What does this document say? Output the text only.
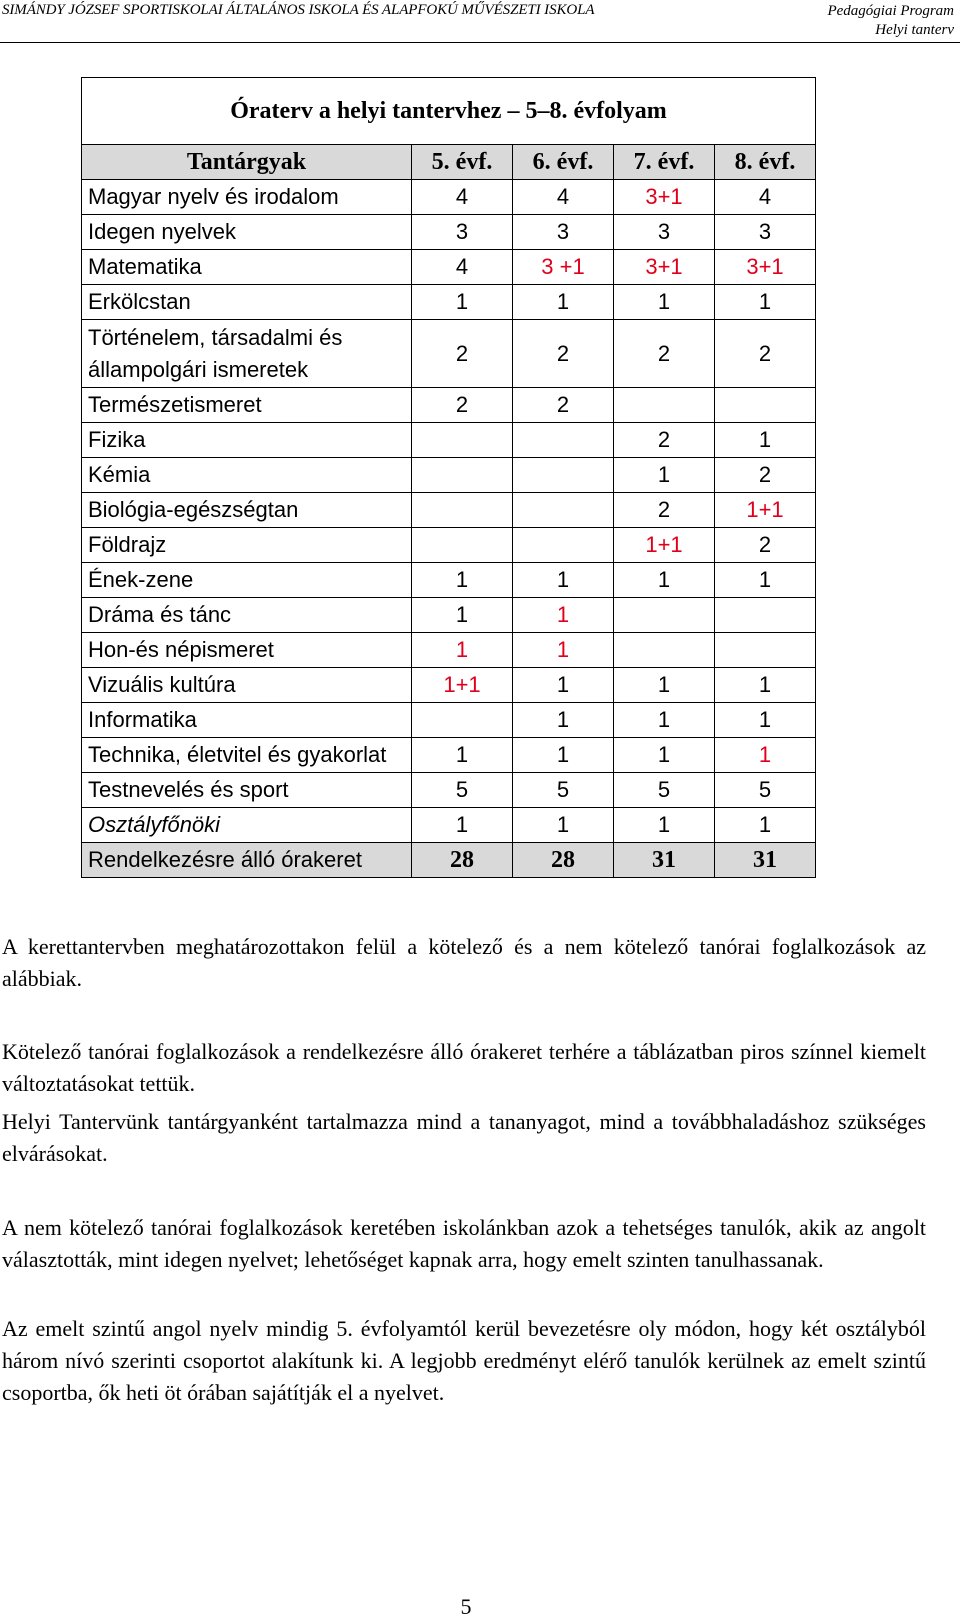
SIMÁNDY JÓZSEF SPORTISKOLAI ÁLTALÁNOS ISKOLA ÉS ALAPFOKÚ MŰVÉSZETI ISKOLA	Pedagógiai Program
Helyi tanterv
Óraterv a helyi tantervhez – 5–8. évfolyam				
Tantárgyak	5. évf.	6. évf.	7. évf.	8. évf.
Magyar nyelv és irodalom	4	4	3+1	4
Idegen nyelvek	3	3	3	3
Matematika	4	3 +1	3+1	3+1
Erkölcstan	1	1	1	1
Történelem, társadalmi és állampolgári ismeretek	2	2	2	2
Természetismeret	2	2		
Fizika			2	1
Kémia			1	2
Biológia-egészségtan			2	1+1
Földrajz			1+1	2
Ének-zene	1	1	1	1
Dráma és tánc	1	1		
Hon-és népismeret	1	1		
Vizuális kultúra	1+1	1	1	1
Informatika		1	1	1
Technika, életvitel és gyakorlat	1	1	1	1
Testnevelés és sport	5	5	5	5
Osztályfőnöki	1	1	1	1
Rendelkezésre álló órakeret	28	28	31	31

A kerettantervben meghatározottakon felül a kötelező és a nem kötelező tanórai foglalkozások az alábbiak.

Kötelező tanórai foglalkozások a rendelkezésre álló órakeret terhére a táblázatban piros színnel kiemelt változtatásokat tettük.

Helyi Tantervünk tantárgyanként tartalmazza mind a tananyagot, mind a továbbhaladáshoz szükséges elvárásokat.

A nem kötelező tanórai foglalkozások keretében iskolánkban azok a tehetséges tanulók, akik az angolt választották, mint idegen nyelvet; lehetőséget kapnak arra, hogy emelt szinten tanulhassanak.

Az emelt szintű angol nyelv mindig 5. évfolyamtól kerül bevezetésre oly módon, hogy két osztályból három nívó szerinti csoportot alakítunk ki. A legjobb eredményt elérő tanulók kerülnek az emelt szintű csoportba, ők heti öt órában sajátítják el a nyelvet.

5
